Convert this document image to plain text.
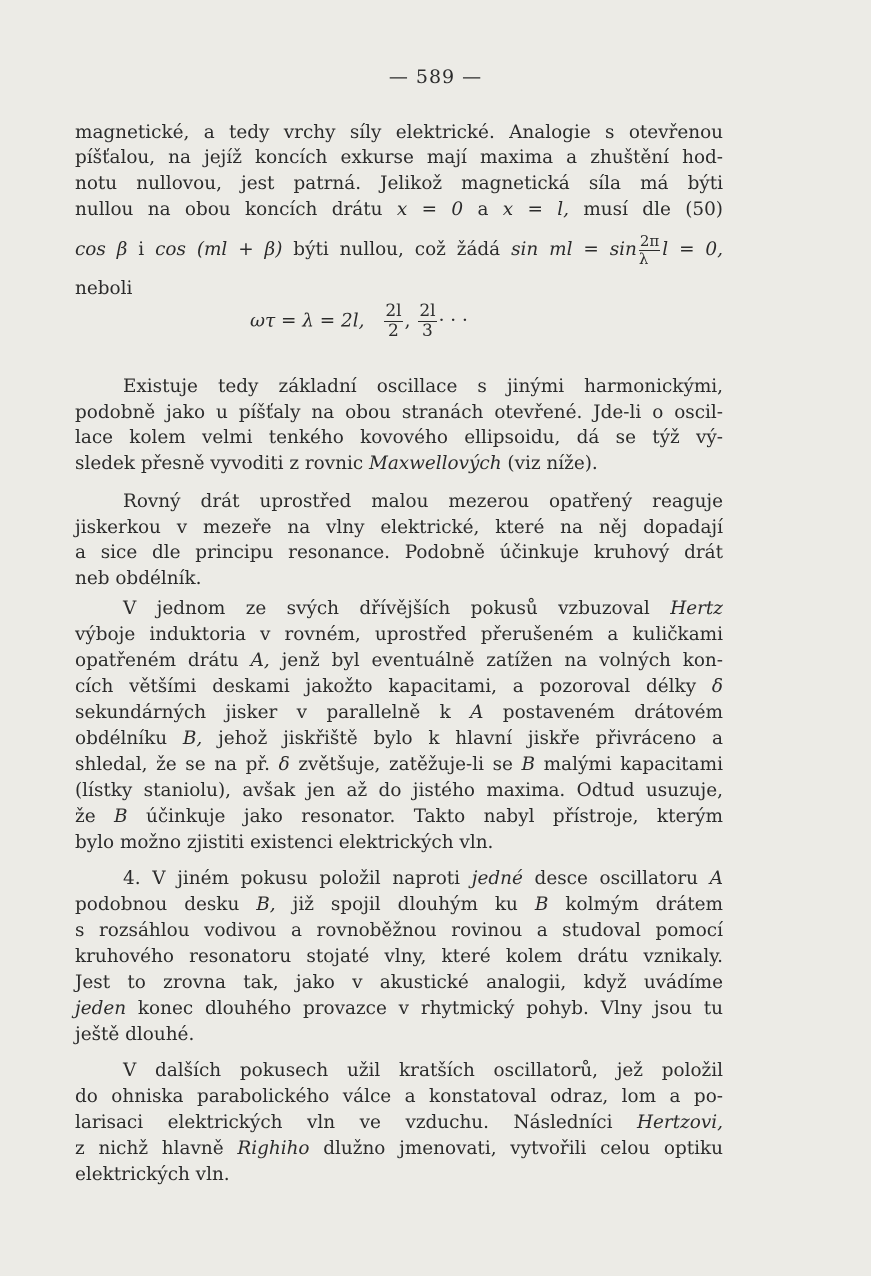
— 589 —
magnetické, a tedy vrchy síly elektrické. Analogie s otevřenou
píšťalou, na jejíž koncích exkurse mají maxima a zhuštění hod-
notu nullovou, jest patrná. Jelikož magnetická síla má býti
nullou na obou koncích drátu x = 0 a x = l, musí dle (50)
cos β i cos (ml + β) býti nullou, což žádá sin ml = $\sin \frac{2\pi}{\lambda}$ l = 0,
neboli
ωτ = λ = 2l, $\frac{2l}{2}$ , $\frac{2l}{3}$ · · ·
Existuje tedy základní oscillace s jinými harmonickými,
podobně jako u píšťaly na obou stranách otevřené. Jde-li o oscil-
lace kolem velmi tenkého kovového ellipsoidu, dá se týž vý-
sledek přesně vyvoditi z rovnic Maxwellových (viz níže).
Rovný drát uprostřed malou mezerou opatřený reaguje
jiskerkou v mezeře na vlny elektrické, které na něj dopadají
a sice dle principu resonance. Podobně účinkuje kruhový drát
neb obdélník.
V jednom ze svých dřívějších pokusů vzbuzoval Hertz
výboje induktoria v rovném, uprostřed přerušeném a kuličkami
opatřeném drátu A, jenž byl eventuálně zatížen na volných kon-
cích většími deskami jakožto kapacitami, a pozoroval délky δ
sekundárných jisker v parallelně k A postaveném drátovém
obdélníku B, jehož jiskřiště bylo k hlavní jiskře přivráceno a
shledal, že se na př. δ zvětšuje, zatěžuje-li se B malými kapacitami
(lístky staniolu), avšak jen až do jistého maxima. Odtud usuzuje,
že B účinkuje jako resonator. Takto nabyl přístroje, kterým
bylo možno zjistiti existenci elektrických vln.
4. V jiném pokusu položil naproti jedné desce oscillatoru A
podobnou desku B, již spojil dlouhým ku B kolmým drátem
s rozsáhlou vodivou a rovnoběžnou rovinou a studoval pomocí
kruhového resonatoru stojaté vlny, které kolem drátu vznikaly.
Jest to zrovna tak, jako v akustické analogii, když uvádíme
jeden konec dlouhého provazce v rhytmický pohyb. Vlny jsou tu
ještě dlouhé.
V dalších pokusech užil kratších oscillatorů, jež položil
do ohniska parabolického válce a konstatoval odraz, lom a po-
larisaci elektrických vln ve vzduchu. Následníci Hertzovi,
z nichž hlavně Righiho dlužno jmenovati, vytvořili celou optiku
elektrických vln.
